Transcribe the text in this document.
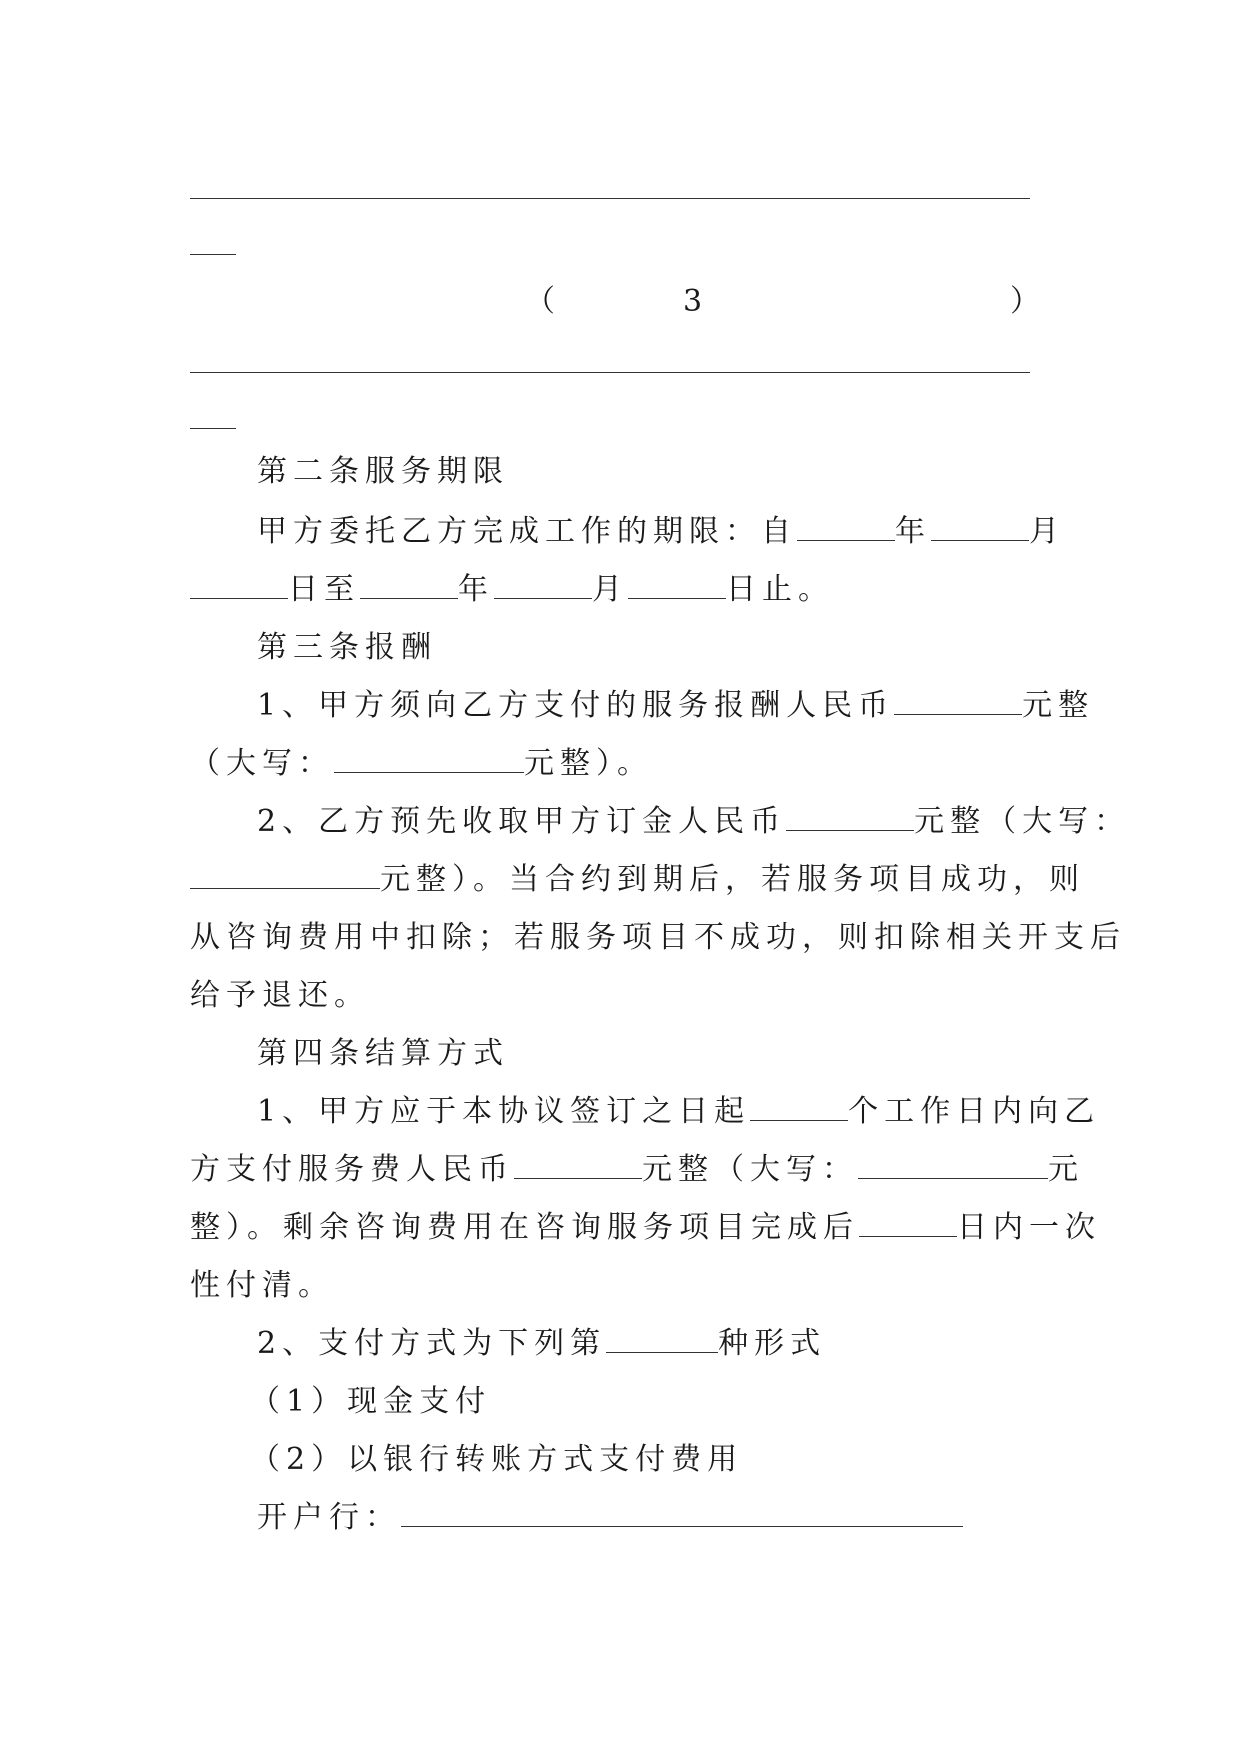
（	3	）
第二条服务期限
甲方委托乙方完成工作的期限：自	年	月
日至	年	月	日止。
第三条报酬
1、甲方须向乙方支付的服务报酬人民币	元整
（大写：	元整）。
2、乙方预先收取甲方订金人民币	元整（大写：
元整）。当合约到期后，若服务项目成功，则
从咨询费用中扣除；若服务项目不成功，则扣除相关开支后
给予退还。
第四条结算方式
1、甲方应于本协议签订之日起	个工作日内向乙
方支付服务费人民币	元整（大写：	元
整）。剩余咨询费用在咨询服务项目完成后	日内一次
性付清。
2、支付方式为下列第	种形式
（1）现金支付
（2）以银行转账方式支付费用
开户行：
